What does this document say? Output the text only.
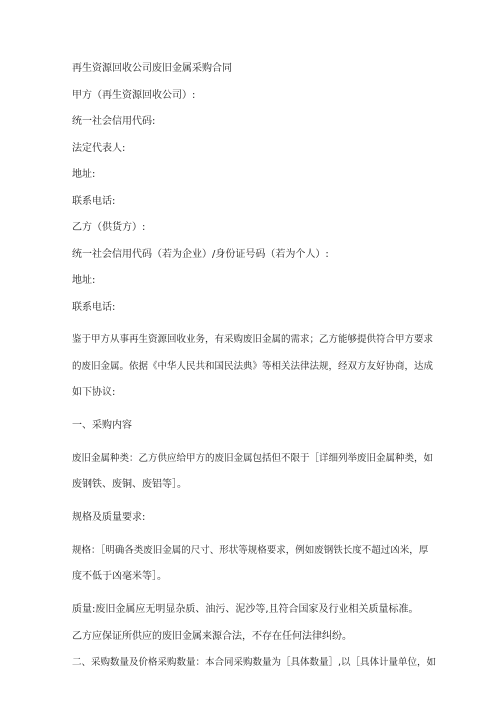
再生资源回收公司废旧金属采购合同

甲方（再生资源回收公司）:

统一社会信用代码:

法定代表人:

地址:

联系电话:

乙方（供货方）:

统一社会信用代码（若为企业）/身份证号码（若为个人）:

地址:

联系电话:

鉴于甲方从事再生资源回收业务，有采购废旧金属的需求；乙方能够提供符合甲方要求
的废旧金属。依据《中华人民共和国民法典》等相关法律法规，经双方友好协商，达成
如下协议:

一、采购内容

废旧金属种类：乙方供应给甲方的废旧金属包括但不限于［详细列举废旧金属种类，如
废钢铁、废铜、废铝等］。

规格及质量要求:

规格：［明确各类废旧金属的尺寸、形状等规格要求，例如废钢铁长度不超过凶米，厚
度不低于凶毫米等］。

质量:废旧金属应无明显杂质、油污、泥沙等,且符合国家及行业相关质量标准。

乙方应保证所供应的废旧金属来源合法，不存在任何法律纠纷。

二、采购数量及价格采购数量：本合同采购数量为［具体数量］,以［具体计量单位，如
